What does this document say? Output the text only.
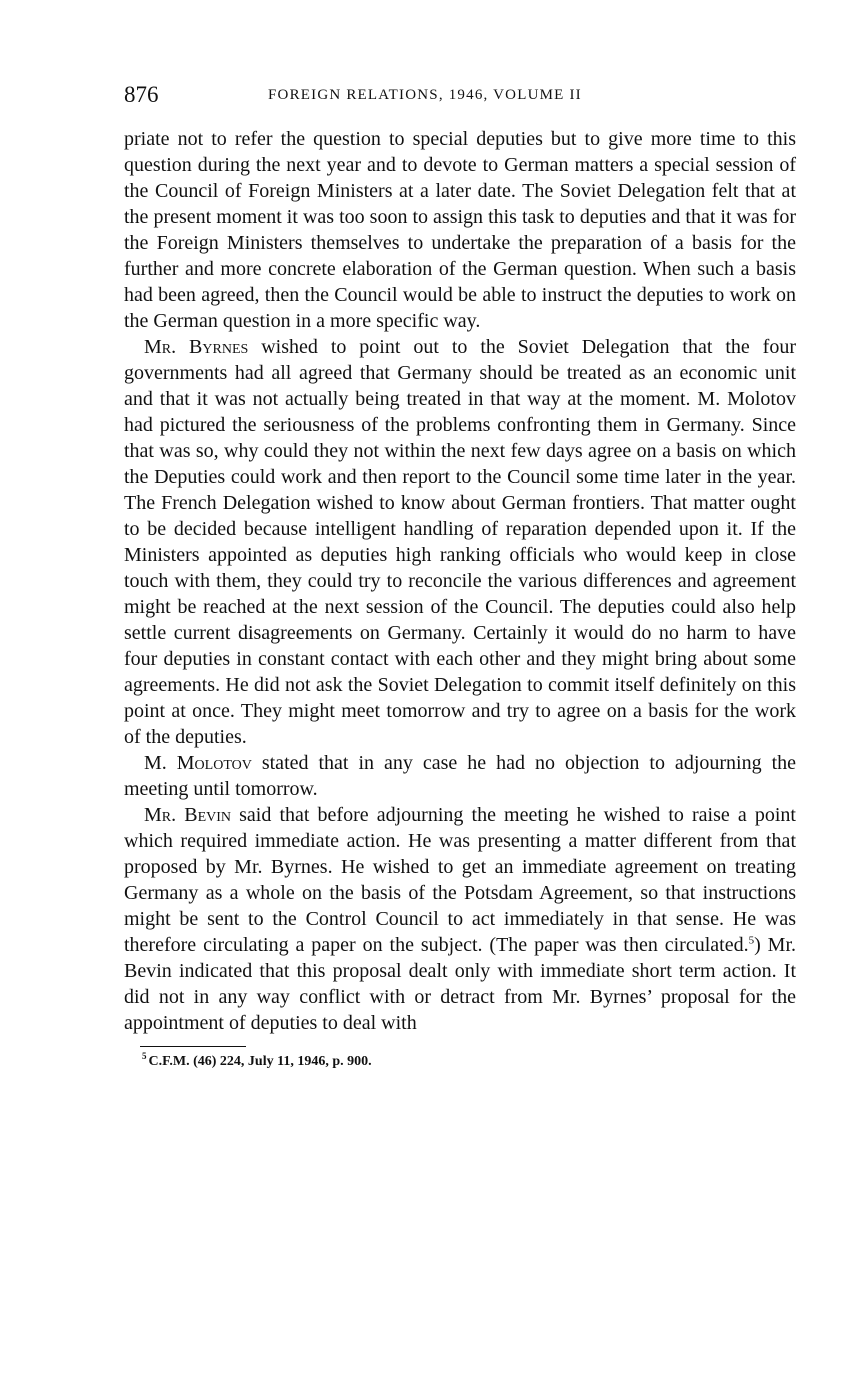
876	FOREIGN RELATIONS, 1946, VOLUME II

priate not to refer the question to special deputies but to give more time to this question during the next year and to devote to German matters a special session of the Council of Foreign Ministers at a later date. The Soviet Delegation felt that at the present moment it was too soon to assign this task to deputies and that it was for the Foreign Ministers themselves to undertake the preparation of a basis for the further and more concrete elaboration of the German question. When such a basis had been agreed, then the Council would be able to instruct the deputies to work on the German question in a more specific way.

 Mr. Byrnes wished to point out to the Soviet Delegation that the four governments had all agreed that Germany should be treated as an economic unit and that it was not actually being treated in that way at the moment. M. Molotov had pictured the seriousness of the problems confronting them in Germany. Since that was so, why could they not within the next few days agree on a basis on which the Deputies could work and then report to the Council some time later in the year. The French Delegation wished to know about German frontiers. That matter ought to be decided because intelligent handling of reparation depended upon it. If the Ministers appointed as deputies high ranking officials who would keep in close touch with them, they could try to reconcile the various differences and agreement might be reached at the next session of the Council. The deputies could also help settle current disagreements on Germany. Certainly it would do no harm to have four deputies in constant contact with each other and they might bring about some agreements. He did not ask the Soviet Delegation to commit itself definitely on this point at once. They might meet tomorrow and try to agree on a basis for the work of the deputies.

 M. Molotov stated that in any case he had no objection to adjourning the meeting until tomorrow.

 Mr. Bevin said that before adjourning the meeting he wished to raise a point which required immediate action. He was presenting a matter different from that proposed by Mr. Byrnes. He wished to get an immediate agreement on treating Germany as a whole on the basis of the Potsdam Agreement, so that instructions might be sent to the Control Council to act immediately in that sense. He was therefore circulating a paper on the subject. (The paper was then circulated.$^5$) Mr. Bevin indicated that this proposal dealt only with immediate short term action. It did not in any way conflict with or detract from Mr. Byrnes’ proposal for the appointment of deputies to deal with

$^5$ C.F.M. (46) 224, July 11, 1946, p. 900.
